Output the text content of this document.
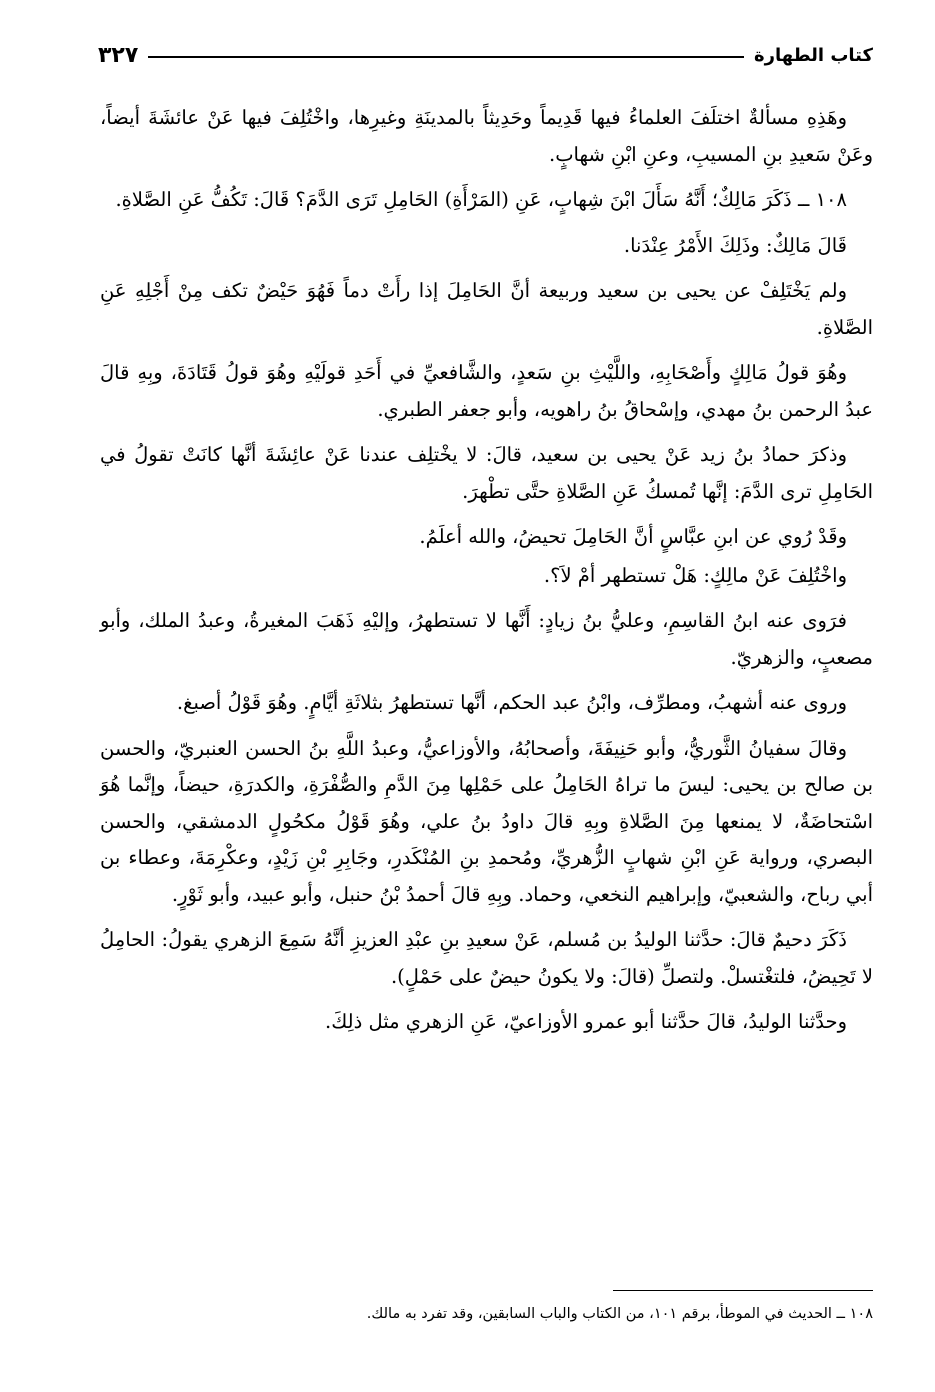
كتاب الطهارة
٣٢٧

وهَذِهِ مسألةٌ اختلَفَ العلماءُ فيها قَدِيماً وحَدِيثاً بالمدينَةِ وغيرِها، واخْتُلِفَ فيها عَنْ عائشَةَ أيضاً، وعَنْ سَعيدِ بنِ المسيبِ، وعنِ ابْنِ شهابٍ.

١٠٨ ــ ذَكَرَ مَالِكٌ؛ أَنَّهُ سَأَلَ ابْنَ شِهابٍ، عَنِ (المَرْأَةِ) الحَامِلِ تَرَى الدَّمَ؟ قَالَ: تَكُفُّ عَنِ الصَّلاةِ.

قَالَ مَالِكٌ: وذَلِكَ الأَمْرُ عِنْدَنا.

ولم يَخْتَلِفْ عن يحيى بن سعيد وربيعة أنَّ الحَامِلَ إذا رأَتْ دماً فَهُوَ حَيْضٌ تكف مِنْ أَجْلِهِ عَنِ الصَّلاةِ.

وهُوَ قولُ مَالِكٍ وأَصْحَابِهِ، واللَّيْثِ بنِ سَعدٍ، والشَّافعيِّ في أَحَدِ قولَيْهِ وهُوَ قولُ قَتَادَةَ، وبِهِ قالَ عبدُ الرحمن بنُ مهدي، وإسْحاقُ بنُ راهويه، وأبو جعفر الطبري.

وذكرَ حمادُ بنُ زيد عَنْ يحيى بن سعيد، قالَ: لا يخْتلِف عندنا عَنْ عائِشَةَ أنَّها كانَتْ تقولُ في الحَامِلِ ترى الدَّمَ: إنَّها تُمسكُ عَنِ الصَّلاةِ حتَّى تطْهرَ.

وقَدْ رُوي عن ابنِ عبَّاسٍ أنَّ الحَامِلَ تحيضُ، والله أعلَمُ.

واخْتُلِفَ عَنْ مالِكٍ: هَلْ تستطهر أمْ لاَ؟.

فرَوى عنه ابنُ القاسِمِ، وعليُّ بنُ زيادٍ: أَنَّها لا تستطهرُ، وإليْهِ ذَهَبَ المغيرةُ، وعبدُ الملك، وأبو مصعبٍ، والزهريّ.

وروى عنه أشهبُ، ومطرِّف، وابْنُ عبد الحكم، أنَّها تستطهرُ بثلاثَةِ أيَّامٍ. وهُوَ قَوْلُ أصبغ.

وقالَ سفيانُ الثَّوريُّ، وأبو حَنِيفَةَ، وأصحابُهُ، والأوزاعيُّ، وعبدُ اللَّهِ بنُ الحسن العنبريّ، والحسن بن صالح بن يحيى: ليسَ ما تراهُ الحَامِلُ على حَمْلِها مِنَ الدَّمِ والصُّفْرَةِ، والكدرَةِ، حيضاً، وإنَّما هُوَ اسْتحاضَةٌ، لا يمنعها مِنَ الصَّلاةِ وبِهِ قالَ داودُ بنُ علي، وهُوَ قَوْلُ مكحُولٍ الدمشقي، والحسن البصري، ورواية عَنِ ابْنِ شهابٍ الزُّهريِّ، ومُحمدِ بنِ المُنْكَدرِ، وجَابِرِ بْنِ زَيْدٍ، وعكْرِمَةَ، وعطاء بن أبي رباح، والشعبيّ، وإبراهيم النخعي، وحماد. وبِهِ قالَ أحمدُ بْنُ حنبل، وأبو عبيد، وأبو ثَوْرٍ.

ذَكَرَ دحيمٌ قالَ: حدَّثنا الوليدُ بن مُسلم، عَنْ سعيدِ بنِ عبْدِ العزيزِ أنَّهُ سَمِعَ الزهري يقولُ: الحامِلُ لا تَحِيضُ، فلتغْتسلْ. ولتصلِّ (قالَ: ولا يكونُ حيضٌ على حَمْلٍ).

وحدَّثنا الوليدُ، قالَ حدَّثنا أبو عمرو الأوزاعيّ، عَنِ الزهري مثل ذلِكَ.

١٠٨ ــ الحديث في الموطأ، برقم ١٠١، من الكتاب والباب السابقين، وقد تفرد به مالك.
